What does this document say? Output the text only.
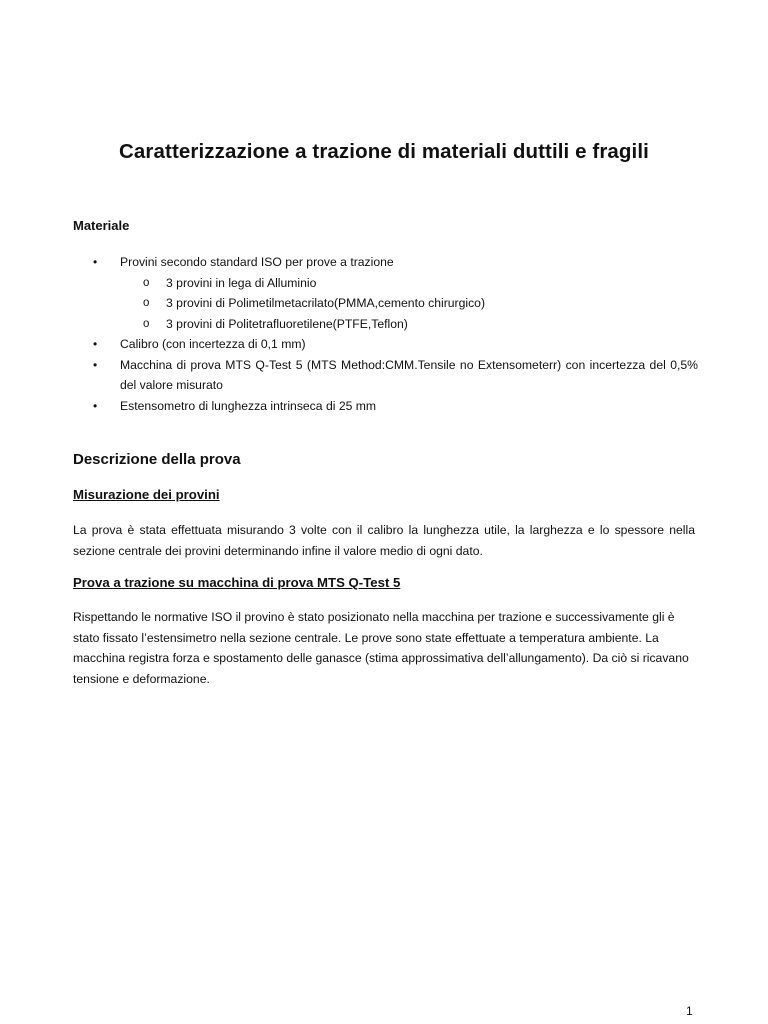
Caratterizzazione a trazione di materiali duttili e fragili
Materiale
• Provini secondo standard ISO per prove a trazione
o 3 provini in lega di Alluminio
o 3 provini di Polimetilmetacrilato(PMMA,cemento chirurgico)
o 3 provini di Politetrafluoretilene(PTFE,Teflon)
• Calibro (con incertezza di 0,1 mm)
• Macchina di prova MTS Q-Test 5 (MTS Method:CMM.Tensile no Extensometerr) con incertezza del 0,5% del valore misurato
• Estensometro di lunghezza intrinseca di 25 mm
Descrizione della prova
Misurazione dei provini
La prova è stata effettuata misurando 3 volte con il calibro la lunghezza utile, la larghezza e lo spessore nella sezione centrale dei provini determinando infine il valore medio di ogni dato.
Prova a trazione su macchina di prova MTS Q-Test 5
Rispettando le normative ISO il provino è stato posizionato nella macchina per trazione e successivamente gli è stato fissato l’estensimetro nella sezione centrale. Le prove sono state effettuate a temperatura ambiente. La macchina registra forza e spostamento delle ganasce (stima approssimativa dell’allungamento). Da ciò si ricavano tensione e deformazione.
1
